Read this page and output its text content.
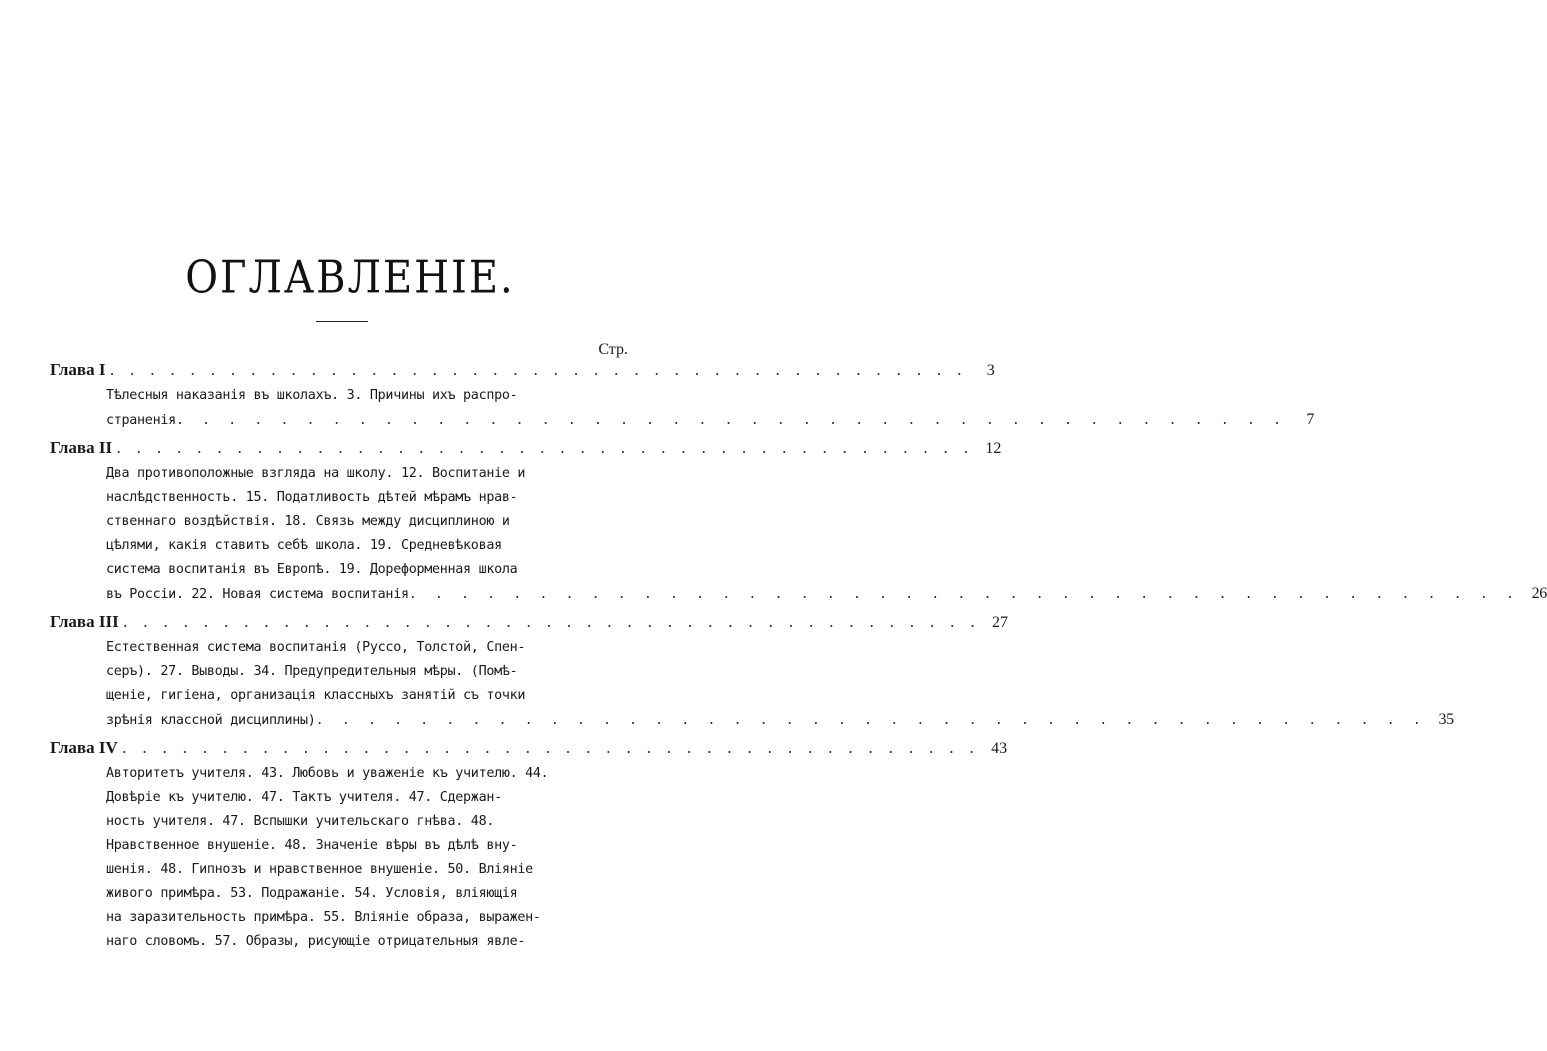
ОГЛАВЛЕНІЕ.
Стр.
Глава I . . . . . . . . . . . . . . . . . . . . . . . . . . . . . . . . . . . . . . . . . . .	3
Тѣлесныя наказанія въ школахъ. 3. Причины ихъ распро-
страненія . . . . . . . . . . . . . . . . . . . . . . . . . . . . . . . . . . . . . . . . . . .	7
Глава II . . . . . . . . . . . . . . . . . . . . . . . . . . . . . . . . . . . . . . . . . . . 12
Два противоположные взгляда на школу. 12. Воспитаніе и
наслѣдственность. 15. Податливость дѣтей мѣрамъ нрав-
ственнаго воздѣйствія. 18. Связь между дисциплиною и
цѣлями, какія ставитъ себѣ школа. 19. Средневѣковая
система воспитанія въ Европѣ. 19. Дореформенная школа
въ Россіи. 22. Новая система воспитанія . . . . . . . . . . . . . . . . . . . . . . . . . . . . . . . . . . . . . . . . . . . 26
Глава III . . . . . . . . . . . . . . . . . . . . . . . . . . . . . . . . . . . . . . . . . . . 27
Естественная система воспитанія (Руссо, Толстой, Спен-
серъ). 27. Выводы. 34. Предупредительныя мѣры. (Помѣ-
щеніе, гигіена, организація классныхъ занятій съ точки
зрѣнія классной дисциплины) . . . . . . . . . . . . . . . . . . . . . . . . . . . . . . . . . . . . . . . . . . . 35
Глава IV . . . . . . . . . . . . . . . . . . . . . . . . . . . . . . . . . . . . . . . . . . . 43
Авторитетъ учителя. 43. Любовь и уваженіе къ учителю. 44.
Довѣріе къ учителю. 47. Тактъ учителя. 47. Сдержан-
ность учителя. 47. Вспышки учительскаго гнѣва. 48.
Нравственное внушеніе. 48. Значеніе вѣры въ дѣлѣ вну-
шенія. 48. Гипнозъ и нравственное внушеніе. 50. Вліяніе
живого примѣра. 53. Подражаніе. 54. Условія, вліяющія
на заразительность примѣра. 55. Вліяніе образа, выражен-
наго словомъ. 57. Образы, рисующіе отрицательныя явле-
